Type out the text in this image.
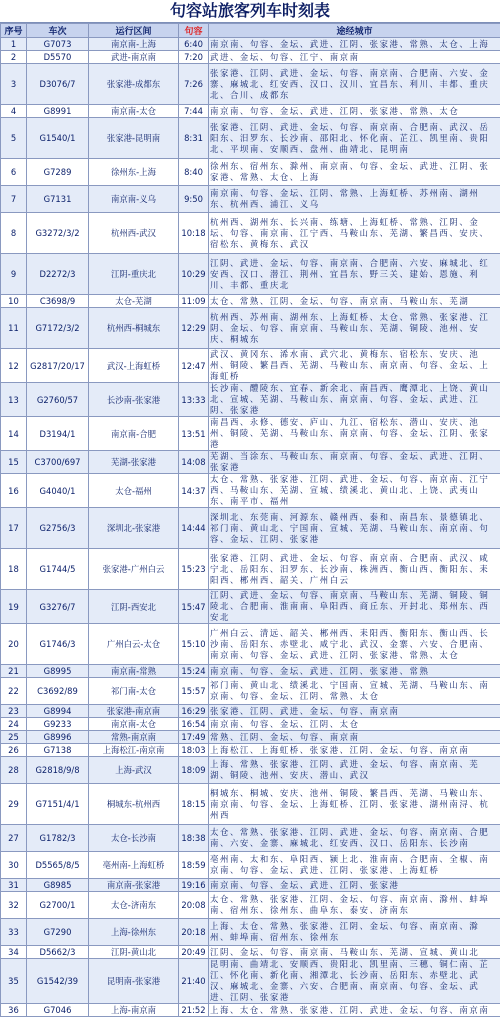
句容站旅客列车时刻表
序号	车次	运行区间	句容	途经城市
1	G7073	南京南-上海	6:40	南京南、句容、金坛、武进、江阴、张家港、常熟、太仓、上海
2	D5570	武进-南京南	7:20	武进、金坛、句容、江宁、南京南
3	D3076/7	张家港-成都东	7:26	张家港、江阴、武进、金坛、句容、南京南、合肥南、六安、金寨、麻城北、红安西、汉口、汉川、宜昌东、利川、丰都、重庆北、合川、成都东
4	G8991	南京南-太仓	7:44	南京南、句容、金坛、武进、江阴、张家港、常熟、太仓
5	G1540/1	张家港-昆明南	8:31	张家港、江阴、武进、金坛、句容、南京南、合肥南、武汉、岳阳东、汨罗东、长沙南、邵阳北、怀化南、芷江、凯里南、贵阳北、平坝南、安顺西、盘州、曲靖北、昆明南
6	G7289	徐州东-上海	8:40	徐州东、宿州东、滁州、南京南、句容、金坛、武进、江阴、张家港、常熟、太仓、上海
7	G7131	南京南-义乌	9:50	南京南、句容、金坛、江阴、常熟、上海虹桥、苏州南、湖州东、杭州西、浦江、义乌
8	G3272/3/2	杭州西-武汉	10:18	杭州西、湖州东、长兴南、练塘、上海虹桥、常熟、江阴、金坛、句容、南京南、江宁西、马鞍山东、芜湖、繁昌西、安庆、宿松东、黄梅东、武汉
9	D2272/3	江阴-重庆北	10:29	江阴、武进、金坛、句容、南京南、合肥南、六安、麻城北、红安西、汉口、潜江、荆州、宜昌东、野三关、建始、恩施、利川、丰都、重庆北
10	C3698/9	太仓-芜湖	11:09	太仓、常熟、江阴、金坛、句容、南京南、马鞍山东、芜湖
11	G7172/3/2	杭州西-桐城东	12:29	杭州西、苏州南、湖州东、上海虹桥、太仓、常熟、张家港、江阴、金坛、句容、南京南、马鞍山东、芜湖、铜陵、池州、安庆、桐城东
12	G2817/20/17	武汉-上海虹桥	12:47	武汉、黄冈东、浠水南、武穴北、黄梅东、宿松东、安庆、池州、铜陵、繁昌西、芜湖、马鞍山东、南京南、句容、金坛、上海虹桥
13	G2760/57	长沙南-张家港	13:33	长沙南、醴陵东、宜春、新余北、南昌西、鹰潭北、上饶、黄山北、宣城、芜湖、马鞍山东、南京南、句容、金坛、武进、江阴、张家港
14	D3194/1	南京南-合肥	13:51	南昌西、永修、德安、庐山、九江、宿松东、潜山、安庆、池州、铜陵、芜湖、马鞍山东、南京南、句容、金坛、江阴、张家港
15	C3700/697	芜湖-张家港	14:08	芜湖、当涂东、马鞍山东、南京南、句容、金坛、武进、江阴、张家港
16	G4040/1	太仓-福州	14:37	太仓、常熟、张家港、江阴、武进、金坛、句容、南京南、江宁西、马鞍山东、芜湖、宣城、绩溪北、黄山北、上饶、武夷山东、南平市、福州
17	G2756/3	深圳北-张家港	14:44	深圳北、东莞南、河源东、赣州西、泰和、南昌东、景德镇北、祁门南、黄山北、宁国南、宣城、芜湖、马鞍山东、南京南、句容、金坛、江阴、张家港
18	G1744/5	张家港-广州白云	15:23	张家港、江阴、武进、金坛、句容、南京南、合肥南、武汉、咸宁北、岳阳东、汨罗东、长沙南、株洲西、衡山西、衡阳东、耒阳西、郴州西、韶关、广州白云
19	G3276/7	江阴-西安北	15:47	江阴、武进、金坛、句容、南京南、马鞍山东、芜湖、铜陵、铜陵北、合肥南、淮南南、阜阳西、商丘东、开封北、郑州东、西安北
20	G1746/3	广州白云-太仓	15:10	广州白云、清远、韶关、郴州西、耒阳西、衡阳东、衡山西、长沙南、岳阳东、赤壁北、咸宁北、武汉、金寨、六安、合肥南、南京南、句容、金坛、武进、江阴、张家港、常熟、太仓
21	G8995	南京南-常熟	15:24	南京南、句容、金坛、武进、江阴、张家港、常熟
22	C3692/89	祁门南-太仓	15:57	祁门南、黄山北、绩溪北、宁国南、宣城、芜湖、马鞍山东、南京南、句容、金坛、江阴、常熟、太仓
23	G8994	张家港-南京南	16:29	张家港、江阴、武进、金坛、句容、南京南
24	G9233	南京南-太仓	16:54	南京南、句容、金坛、江阴、太仓
25	G8996	常熟-南京南	17:49	常熟、江阴、金坛、句容、南京南
26	G7138	上海松江-南京南	18:03	上海松江、上海虹桥、张家港、江阴、金坛、句容、南京南
28	G2818/9/8	上海-武汉	18:09	上海、常熟、张家港、江阴、武进、金坛、句容、南京南、芜湖、铜陵、池州、安庆、潜山、武汉
29	G7151/4/1	桐城东-杭州西	18:15	桐城东、桐城、安庆、池州、铜陵、繁昌西、芜湖、马鞍山东、南京南、句容、金坛、上海虹桥、江阴、张家港、湖州南浔、杭州西
27	G1782/3	太仓-长沙南	18:38	太仓、常熟、张家港、江阴、武进、金坛、句容、南京南、合肥南、六安、金寨、麻城北、红安西、汉口、岳阳东、长沙南
30	D5565/8/5	亳州南-上海虹桥	18:59	亳州南、太和东、阜阳西、颍上北、淮南南、合肥南、全椒、南京南、句容、金坛、武进、江阴、张家港、上海虹桥
31	G8985	南京南-张家港	19:16	南京南、句容、金坛、武进、江阴、张家港
32	G2700/1	太仓-济南东	20:08	太仓、常熟、张家港、江阴、金坛、句容、南京南、滁州、蚌埠南、宿州东、徐州东、曲阜东、泰安、济南东
33	G7290	上海-徐州东	20:18	上海、太仓、常熟、张家港、江阴、金坛、句容、南京南、滁州、蚌埠南、宿州东、徐州东
34	D5662/3	江阴-黄山北	20:49	江阴、金坛、句容、南京南、马鞍山东、芜湖、宣城、黄山北
35	G1542/39	昆明南-张家港	21:40	昆明南、曲靖北、安顺西、贵阳北、凯里南、三穗、铜仁南、芷江、怀化南、新化南、湘潭北、长沙南、岳阳东、赤壁北、武汉、麻城北、金寨、六安、合肥南、南京南、句容、金坛、武进、江阴、张家港
36	G7046	上海-南京南	21:52	上海、太仓、常熟、张家港、江阴、武进、金坛、句容、南京南
